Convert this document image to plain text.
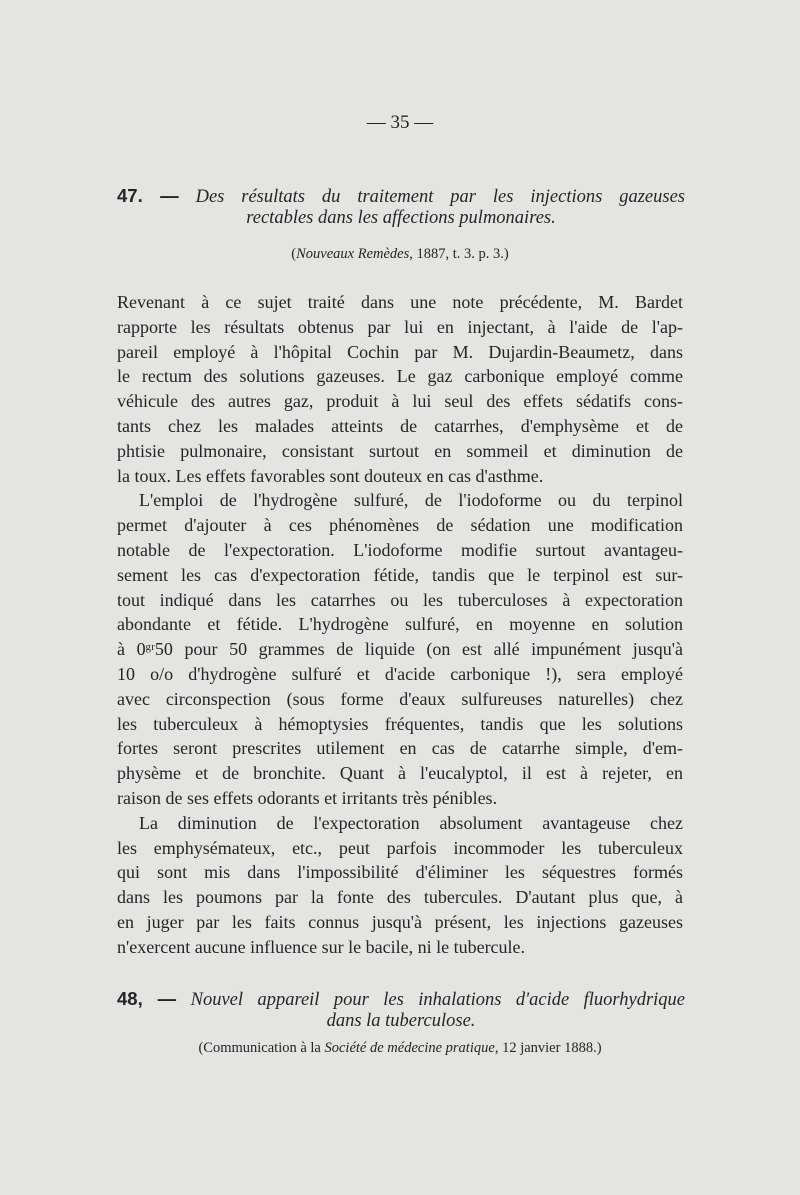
— 35 —
47. — Des résultats du traitement par les injections gazeuses
rectables dans les affections pulmonaires.
(Nouveaux Remèdes, 1887, t. 3. p. 3.)
Revenant à ce sujet traité dans une note précédente, M. Bardet
rapporte les résultats obtenus par lui en injectant, à l'aide de l'ap-
pareil employé à l'hôpital Cochin par M. Dujardin-Beaumetz, dans
le rectum des solutions gazeuses. Le gaz carbonique employé comme
véhicule des autres gaz, produit à lui seul des effets sédatifs cons-
tants chez les malades atteints de catarrhes, d'emphysème et de
phtisie pulmonaire, consistant surtout en sommeil et diminution de
la toux. Les effets favorables sont douteux en cas d'asthme.
L'emploi de l'hydrogène sulfuré, de l'iodoforme ou du terpinol
permet d'ajouter à ces phénomènes de sédation une modification
notable de l'expectoration. L'iodoforme modifie surtout avantageu-
sement les cas d'expectoration fétide, tandis que le terpinol est sur-
tout indiqué dans les catarrhes ou les tuberculoses à expectoration
abondante et fétide. L'hydrogène sulfuré, en moyenne en solution
à 0ᵍʳ50 pour 50 grammes de liquide (on est allé impunément jusqu'à
10 o/o d'hydrogène sulfuré et d'acide carbonique !), sera employé
avec circonspection (sous forme d'eaux sulfureuses naturelles) chez
les tuberculeux à hémoptysies fréquentes, tandis que les solutions
fortes seront prescrites utilement en cas de catarrhe simple, d'em-
physème et de bronchite. Quant à l'eucalyptol, il est à rejeter, en
raison de ses effets odorants et irritants très pénibles.
La diminution de l'expectoration absolument avantageuse chez
les emphysémateux, etc., peut parfois incommoder les tuberculeux
qui sont mis dans l'impossibilité d'éliminer les séquestres formés
dans les poumons par la fonte des tubercules. D'autant plus que, à
en juger par les faits connus jusqu'à présent, les injections gazeuses
n'exercent aucune influence sur le bacile, ni le tubercule.
48, — Nouvel appareil pour les inhalations d'acide fluorhydrique
dans la tuberculose.
(Communication à la Société de médecine pratique, 12 janvier 1888.)
